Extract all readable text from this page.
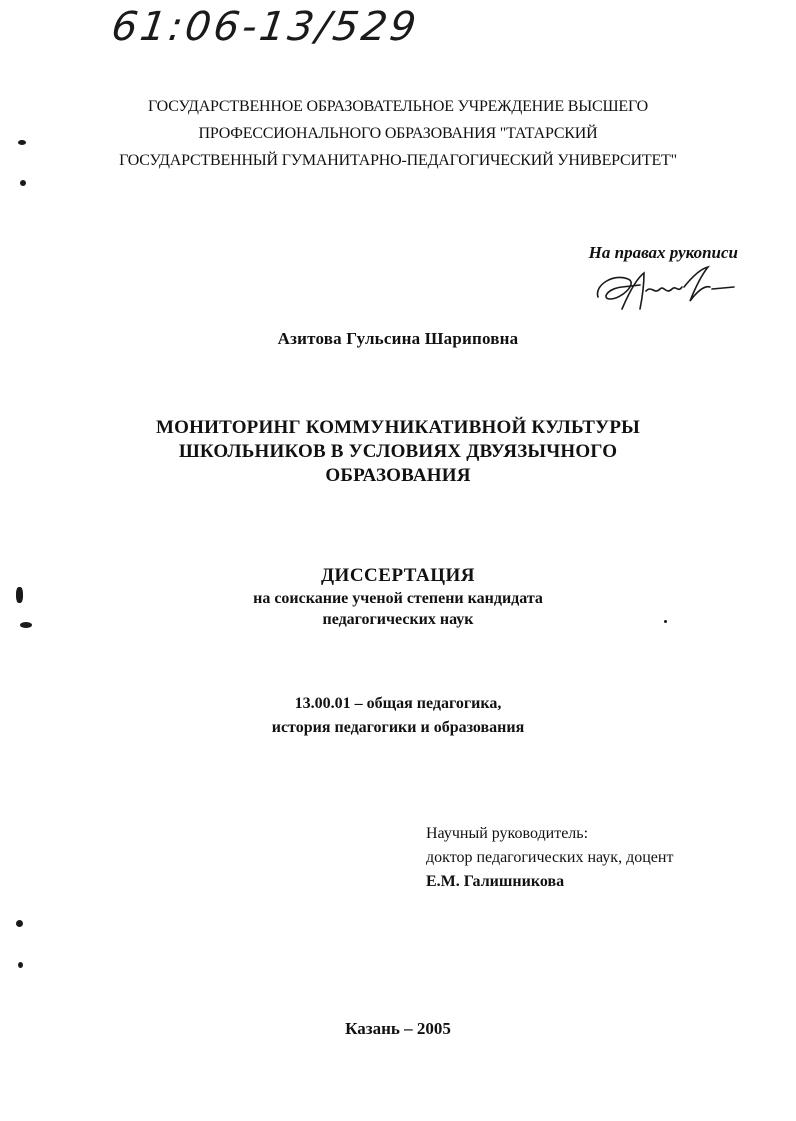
61:06-13/529
ГОСУДАРСТВЕННОЕ ОБРАЗОВАТЕЛЬНОЕ УЧРЕЖДЕНИЕ ВЫСШЕГО
ПРОФЕССИОНАЛЬНОГО ОБРАЗОВАНИЯ "ТАТАРСКИЙ
ГОСУДАРСТВЕННЫЙ ГУМАНИТАРНО-ПЕДАГОГИЧЕСКИЙ УНИВЕРСИТЕТ"
На правах рукописи
Азитова Гульсина Шариповна
МОНИТОРИНГ КОММУНИКАТИВНОЙ КУЛЬТУРЫ
ШКОЛЬНИКОВ В УСЛОВИЯХ ДВУЯЗЫЧНОГО
ОБРАЗОВАНИЯ
ДИССЕРТАЦИЯ
на соискание ученой степени кандидата
педагогических наук
13.00.01 – общая педагогика,
история педагогики и образования
Научный руководитель:
доктор педагогических наук, доцент
Е.М. Галишникова
Казань – 2005
